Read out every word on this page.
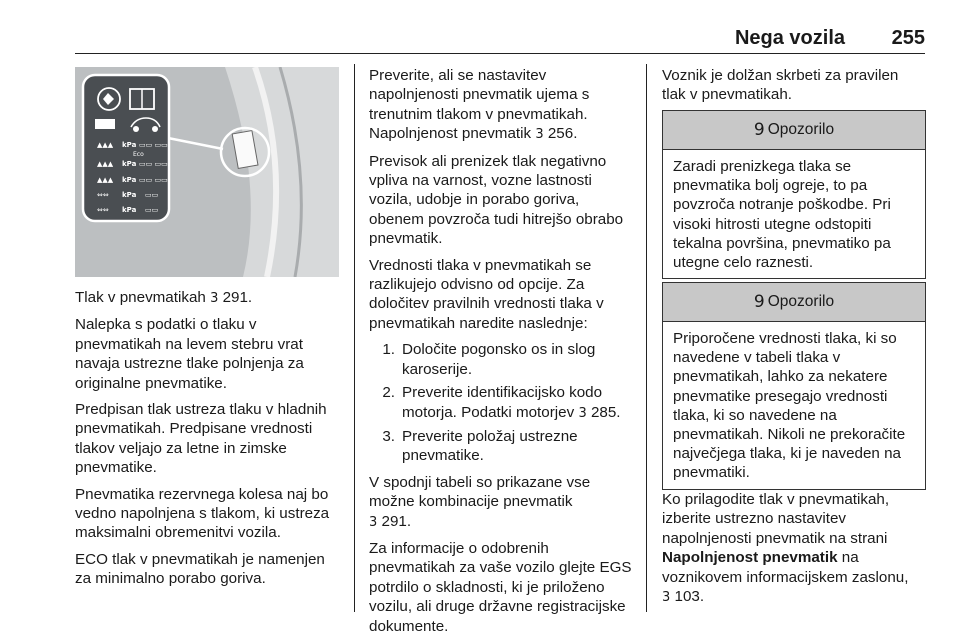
Nega vozila 255
▲▲▲ kPa ▭▭ ▭▭
Eco
▲▲▲ kPa ▭▭ ▭▭
▲▲▲ kPa ▭▭ ▭▭
⇔⇔ kPa ▭▭
⇔⇔ kPa ▭▭

Tlak v pnevmatikah 3 291.

Nalepka s podatki o tlaku v pnevmatikah na levem stebru vrat navaja ustrezne tlake polnjenja za originalne pnevmatike.

Predpisan tlak ustreza tlaku v hladnih pnevmatikah. Predpisane vrednosti tlakov veljajo za letne in zimske pnevmatike.

Pnevmatika rezervnega kolesa naj bo vedno napolnjena s tlakom, ki ustreza maksimalni obremenitvi vozila.

ECO tlak v pnevmatikah je namenjen za minimalno porabo goriva.

Preverite, ali se nastavitev napolnjenosti pnevmatik ujema s trenutnim tlakom v pnevmatikah. Napolnjenost pnevmatik 3 256.

Previsok ali prenizek tlak negativno vpliva na varnost, vozne lastnosti vozila, udobje in porabo goriva, obenem povzroča tudi hitrejšo obrabo pnevmatik.

Vrednosti tlaka v pnevmatikah se razlikujejo odvisno od opcije. Za določitev pravilnih vrednosti tlaka v pnevmatikah naredite naslednje:

1. Določite pogonsko os in slog karoserije.
2. Preverite identifikacijsko kodo motorja. Podatki motorjev 3 285.
3. Preverite položaj ustrezne pnevmatike.

V spodnji tabeli so prikazane vse možne kombinacije pnevmatik
3 291.

Za informacije o odobrenih pnevmatikah za vaše vozilo glejte EGS potrdilo o skladnosti, ki je priloženo vozilu, ali druge državne registracijske dokumente.

Voznik je dolžan skrbeti za pravilen tlak v pnevmatikah.

9 Opozorilo
Zaradi prenizkega tlaka se pnevmatika bolj ogreje, to pa povzroča notranje poškodbe. Pri visoki hitrosti utegne odstopiti tekalna površina, pnevmatiko pa utegne celo raznesti.
9 Opozorilo
Priporočene vrednosti tlaka, ki so navedene v tabeli tlaka v pnevmatikah, lahko za nekatere pnevmatike presegajo vrednosti tlaka, ki so navedene na pnevmatikah. Nikoli ne prekoračite največjega tlaka, ki je naveden na pnevmatiki.

Ko prilagodite tlak v pnevmatikah, izberite ustrezno nastavitev napolnjenosti pnevmatik na strani Napolnjenost pnevmatik na voznikovem informacijskem zaslonu,
3 103.
